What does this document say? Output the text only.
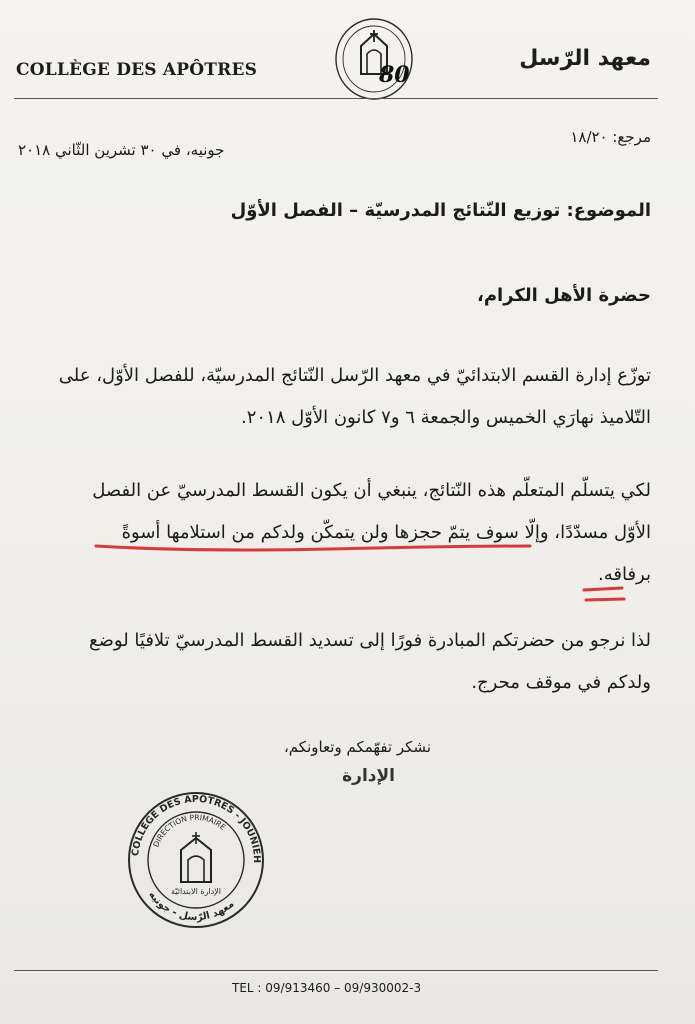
COLLÈGE DES APÔTRES	معهد الرّسل
80
مرجع: ١٨/٢٠
جونيه، في ٣٠ تشرين الثّاني ٢٠١٨
الموضوع: توزيع النّتائج المدرسيّة – الفصل الأوّل
حضرة الأهل الكرام،
توزّع إدارة القسم الابتدائيّ في معهد الرّسل النّتائج المدرسيّة، للفصل الأوّل، على
التّلاميذ نهارَي الخميس والجمعة ٦ و٧ كانون الأوّل ٢٠١٨.
لكي يتسلّم المتعلّم هذه النّتائج، ينبغي أن يكون القسط المدرسيّ عن الفصل
الأوّل مسدّدًا، وإلّا سوف يتمّ حجزها ولن يتمكّن ولدكم من استلامها أسوةً
برفاقه.
لذا نرجو من حضرتكم المبادرة فورًا إلى تسديد القسط المدرسيّ تلافيًا لوضع
ولدكم في موقف محرج.
نشكر تفهّمكم وتعاونكم،
الإدارة
COLLÈGE DES APÔTRES - JOUNIEH
DIRECTION PRIMAIRE
معهد الرّسل - جونيه
الإدارة الابتدائيّة
TEL : 09/913460 – 09/930002-3
